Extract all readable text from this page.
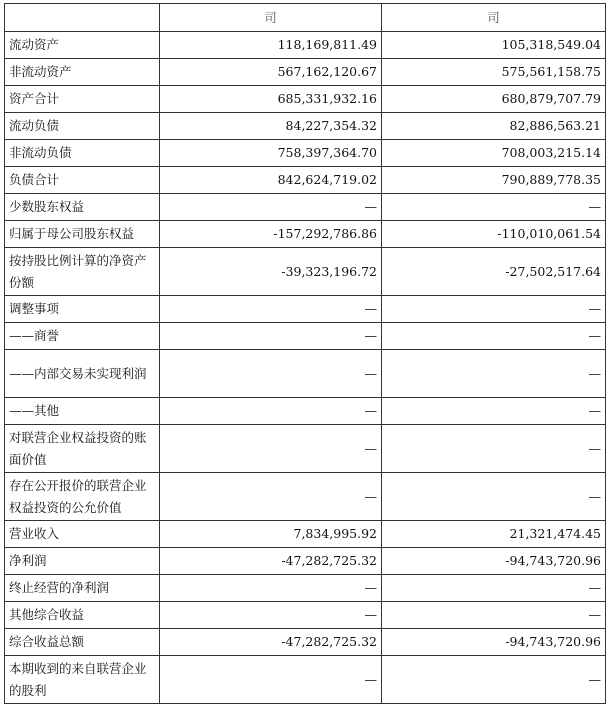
	司	司
流动资产	118,169,811.49	105,318,549.04
非流动资产	567,162,120.67	575,561,158.75
资产合计	685,331,932.16	680,879,707.79
流动负债	84,227,354.32	82,886,563.21
非流动负债	758,397,364.70	708,003,215.14
负债合计	842,624,719.02	790,889,778.35
少数股东权益	—	—
归属于母公司股东权益	-157,292,786.86	-110,010,061.54
按持股比例计算的净资产份额	-39,323,196.72	-27,502,517.64
调整事项	—	—
——商誉	—	—
——内部交易未实现利润	—	—
——其他	—	—
对联营企业权益投资的账面价值	—	—
存在公开报价的联营企业权益投资的公允价值	—	—
营业收入	7,834,995.92	21,321,474.45
净利润	-47,282,725.32	-94,743,720.96
终止经营的净利润	—	—
其他综合收益	—	—
综合收益总额	-47,282,725.32	-94,743,720.96
本期收到的来自联营企业的股利	—	—
